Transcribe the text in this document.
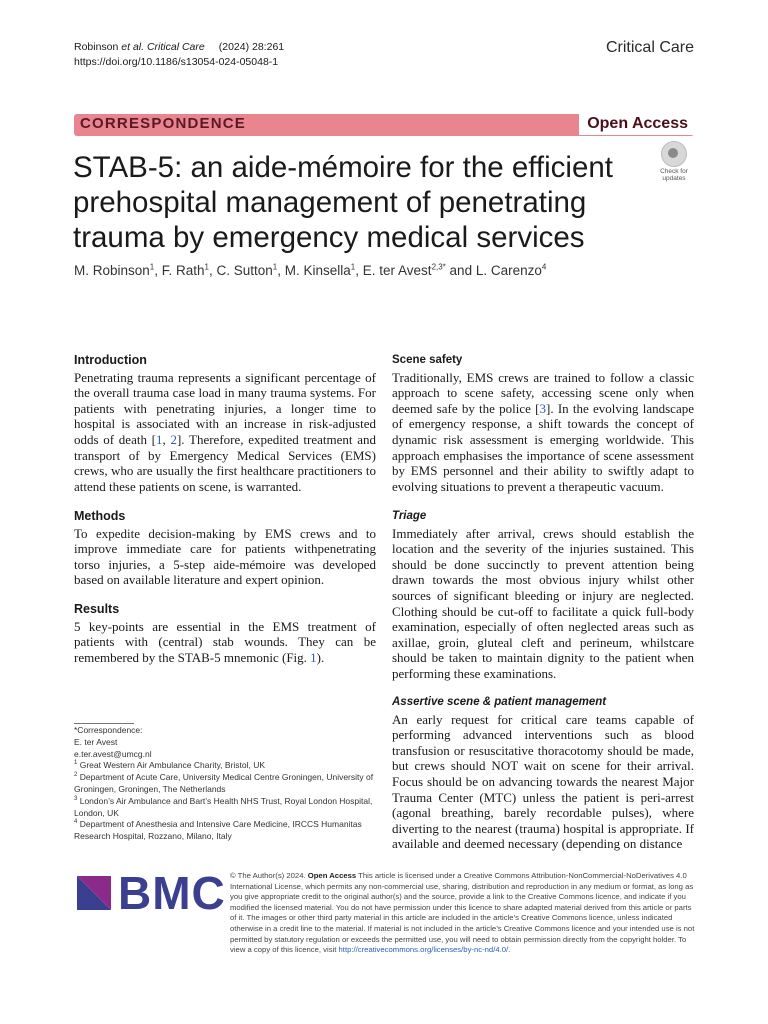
Robinson et al. Critical Care (2024) 28:261
https://doi.org/10.1186/s13054-024-05048-1
Critical Care
CORRESPONDENCE	Open Access
STAB-5: an aide-mémoire for the efficient prehospital management of penetrating trauma by emergency medical services
Check for
updates
M. Robinson$^1$, F. Rath$^1$, C. Sutton$^1$, M. Kinsella$^1$, E. ter Avest$^{2,3*}$ and L. Carenzo$^4$
Introduction

Penetrating trauma represents a significant percentage of the overall trauma case load in many trauma systems. For patients with penetrating injuries, a longer time to hospital is associated with an increase in risk-adjusted odds of death [1, 2]. Therefore, expedited treatment and transport of by Emergency Medical Services (EMS) crews, who are usually the first healthcare practitioners to attend these patients on scene, is warranted.

Methods

To expedite decision-making by EMS crews and to improve immediate care for patients withpenetrating torso injuries, a 5-step aide-mémoire was developed based on available literature and expert opinion.

Results

5 key-points are essential in the EMS treatment of patients with (central) stab wounds. They can be remembered by the STAB-5 mnemonic (Fig. 1).

*Correspondence:
E. ter Avest
e.ter.avest@umcg.nl
$^1$ Great Western Air Ambulance Charity, Bristol, UK
$^2$ Department of Acute Care, University Medical Centre Groningen, University of Groningen, Groningen, The Netherlands
$^3$ London’s Air Ambulance and Bart’s Health NHS Trust, Royal London Hospital, London, UK
$^4$ Department of Anesthesia and Intensive Care Medicine, IRCCS Humanitas Research Hospital, Rozzano, Milano, Italy
Scene safety

Traditionally, EMS crews are trained to follow a classic approach to scene safety, accessing scene only when deemed safe by the police [3]. In the evolving landscape of emergency response, a shift towards the concept of dynamic risk assessment is emerging worldwide. This approach emphasises the importance of scene assessment by EMS personnel and their ability to swiftly adapt to evolving situations to prevent a therapeutic vacuum.

Triage

Immediately after arrival, crews should establish the location and the severity of the injuries sustained. This should be done succinctly to prevent attention being drawn towards the most obvious injury whilst other sources of significant bleeding or injury are neglected. Clothing should be cut-off to facilitate a quick full-body examination, especially of often neglected areas such as axillae, groin, gluteal cleft and perineum, whilstcare should be taken to maintain dignity to the patient when performing these examinations.

Assertive scene & patient management

An early request for critical care teams capable of performing advanced interventions such as blood transfusion or resuscitative thoracotomy should be made, but crews should NOT wait on scene for their arrival. Focus should be on advancing towards the nearest Major Trauma Center (MTC) unless the patient is peri-arrest (agonal breathing, barely recordable pulses), where diverting to the nearest (trauma) hospital is appropriate. If available and deemed necessary (depending on distance

BMC © The Author(s) 2024. Open Access This article is licensed under a Creative Commons Attribution-NonCommercial-NoDerivatives 4.0 International License, which permits any non-commercial use, sharing, distribution and reproduction in any medium or format, as long as you give appropriate credit to the original author(s) and the source, provide a link to the Creative Commons licence, and indicate if you modified the licensed material. You do not have permission under this licence to share adapted material derived from this article or parts of it. The images or other third party material in this article are included in the article’s Creative Commons licence, unless indicated otherwise in a credit line to the material. If material is not included in the article’s Creative Commons licence and your intended use is not permitted by statutory regulation or exceeds the permitted use, you will need to obtain permission directly from the copyright holder. To view a copy of this licence, visit http://creativecommons.org/licenses/by-nc-nd/4.0/.
